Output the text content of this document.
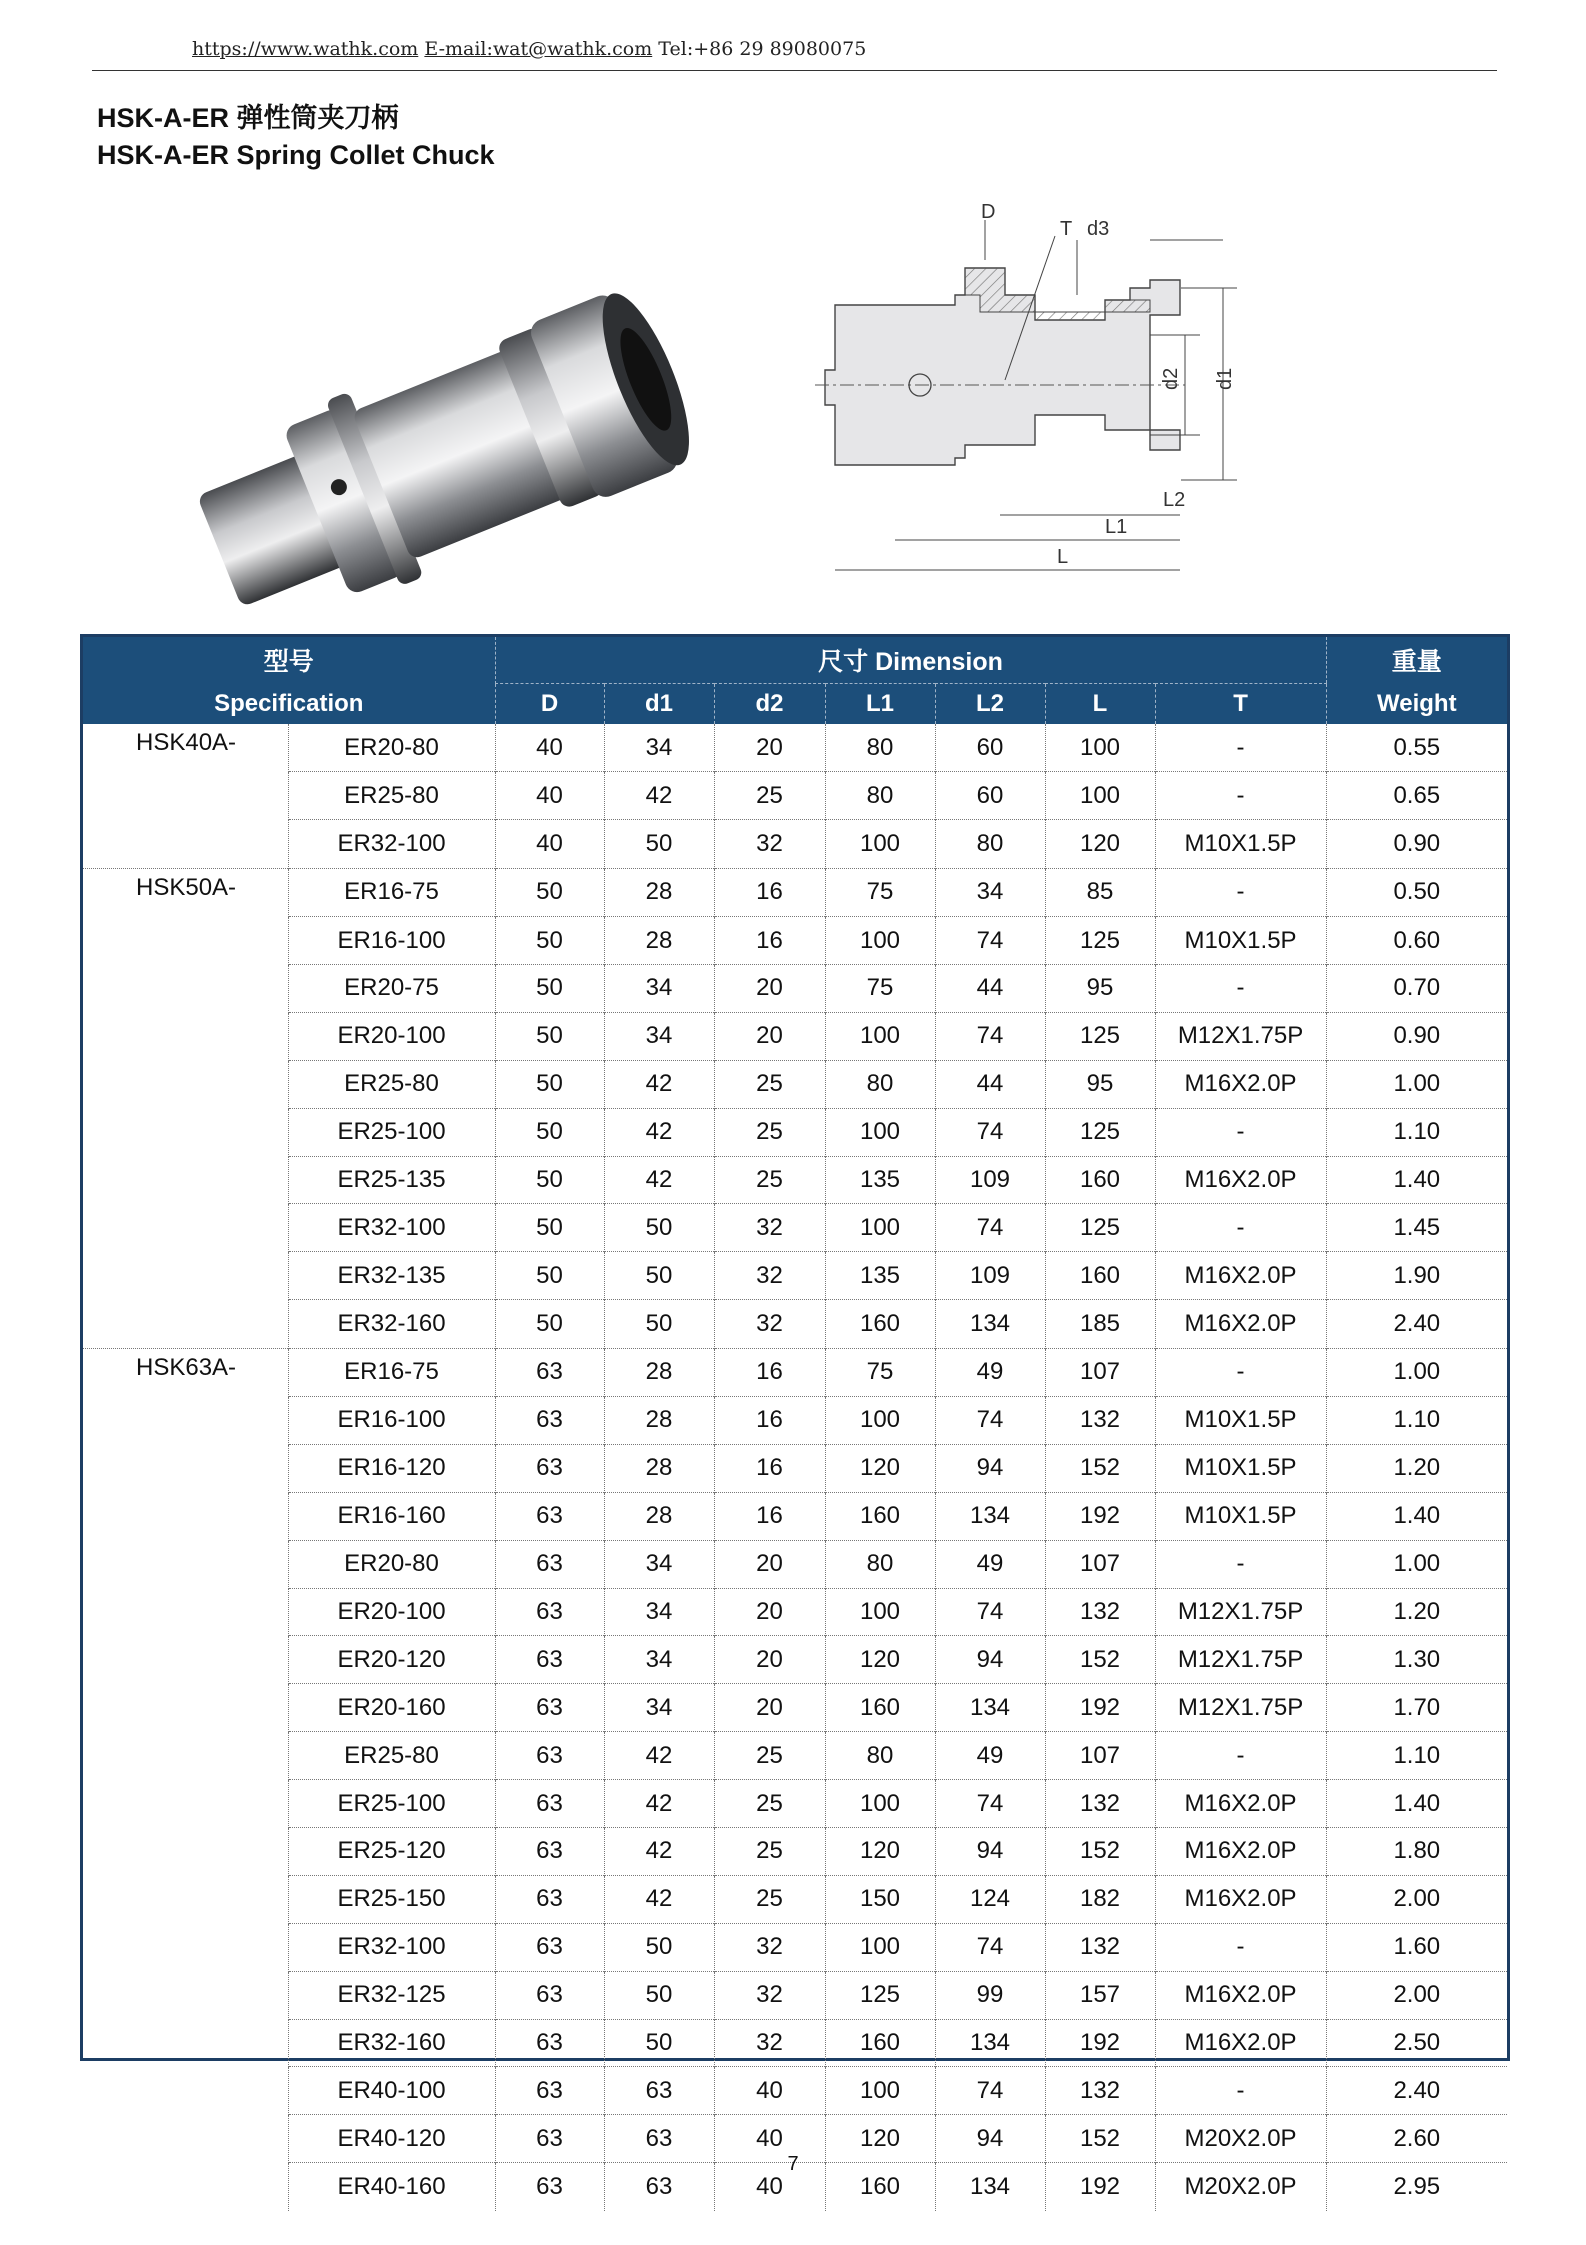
https://www.wathk.com E-mail:wat@wathk.com Tel:+86 29 89080075
HSK-A-ER 弹性筒夹刀柄
HSK-A-ER Spring Collet Chuck
D
T d3
d2 d1
L2
L1
L
型号		尺寸 Dimension							重量
Specification		D	d1	d2	L1	L2	L	T	Weight
HSK40A-	ER20-80	40	34	20	80	60	100	-	0.55
	ER25-80	40	42	25	80	60	100	-	0.65
	ER32-100	40	50	32	100	80	120	M10X1.5P	0.90
HSK50A-	ER16-75	50	28	16	75	34	85	-	0.50
	ER16-100	50	28	16	100	74	125	M10X1.5P	0.60
	ER20-75	50	34	20	75	44	95	-	0.70
	ER20-100	50	34	20	100	74	125	M12X1.75P	0.90
	ER25-80	50	42	25	80	44	95	M16X2.0P	1.00
	ER25-100	50	42	25	100	74	125	-	1.10
	ER25-135	50	42	25	135	109	160	M16X2.0P	1.40
	ER32-100	50	50	32	100	74	125	-	1.45
	ER32-135	50	50	32	135	109	160	M16X2.0P	1.90
	ER32-160	50	50	32	160	134	185	M16X2.0P	2.40
HSK63A-	ER16-75	63	28	16	75	49	107	-	1.00
	ER16-100	63	28	16	100	74	132	M10X1.5P	1.10
	ER16-120	63	28	16	120	94	152	M10X1.5P	1.20
	ER16-160	63	28	16	160	134	192	M10X1.5P	1.40
	ER20-80	63	34	20	80	49	107	-	1.00
	ER20-100	63	34	20	100	74	132	M12X1.75P	1.20
	ER20-120	63	34	20	120	94	152	M12X1.75P	1.30
	ER20-160	63	34	20	160	134	192	M12X1.75P	1.70
	ER25-80	63	42	25	80	49	107	-	1.10
	ER25-100	63	42	25	100	74	132	M16X2.0P	1.40
	ER25-120	63	42	25	120	94	152	M16X2.0P	1.80
	ER25-150	63	42	25	150	124	182	M16X2.0P	2.00
	ER32-100	63	50	32	100	74	132	-	1.60
	ER32-125	63	50	32	125	99	157	M16X2.0P	2.00
	ER32-160	63	50	32	160	134	192	M16X2.0P	2.50
	ER40-100	63	63	40	100	74	132	-	2.40
	ER40-120	63	63	40	120	94	152	M20X2.0P	2.60
	ER40-160	63	63	40	160	134	192	M20X2.0P	2.95
7
